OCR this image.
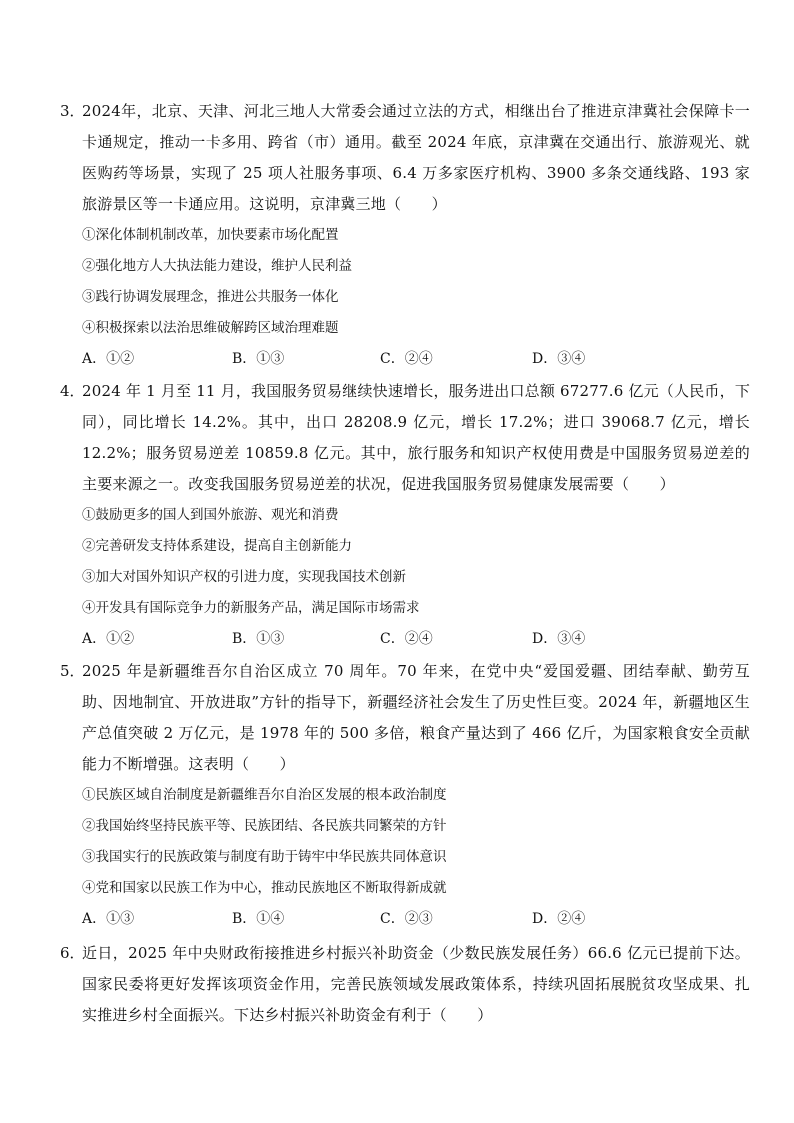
3．

2024年，北京、天津、河北三地人大常委会通过立法的方式，相继出台了推进京津冀社会保障卡一卡通规定，推动一卡多用、跨省（市）通用。截至 2024 年底，京津冀在交通出行、旅游观光、就医购药等场景，实现了 25 项人社服务事项、6.4 万多家医疗机构、3900 多条交通线路、193 家旅游景区等一卡通应用。这说明，京津冀三地（　　）

①深化体制机制改革，加快要素市场化配置
②强化地方人大执法能力建设，维护人民利益
③践行协调发展理念，推进公共服务一体化
④积极探索以法治思维破解跨区域治理难题
A．①②	B．①③	C．②④	D．③④
4．

2024 年 1 月至 11 月，我国服务贸易继续快速增长，服务进出口总额 67277.6 亿元（人民币，下同），同比增长 14.2%。其中，出口 28208.9 亿元，增长 17.2%；进口 39068.7 亿元，增长 12.2%；服务贸易逆差 10859.8 亿元。其中，旅行服务和知识产权使用费是中国服务贸易逆差的主要来源之一。改变我国服务贸易逆差的状况，促进我国服务贸易健康发展需要（　　）

①鼓励更多的国人到国外旅游、观光和消费
②完善研发支持体系建设，提高自主创新能力
③加大对国外知识产权的引进力度，实现我国技术创新
④开发具有国际竞争力的新服务产品，满足国际市场需求
A．①②	B．①③	C．②④	D．③④
5．

2025 年是新疆维吾尔自治区成立 70 周年。70 年来，在党中央“爱国爱疆、团结奉献、勤劳互助、因地制宜、开放进取”方针的指导下，新疆经济社会发生了历史性巨变。2024 年，新疆地区生产总值突破 2 万亿元，是 1978 年的 500 多倍，粮食产量达到了 466 亿斤，为国家粮食安全贡献能力不断增强。这表明（　　）

①民族区域自治制度是新疆维吾尔自治区发展的根本政治制度
②我国始终坚持民族平等、民族团结、各民族共同繁荣的方针
③我国实行的民族政策与制度有助于铸牢中华民族共同体意识
④党和国家以民族工作为中心，推动民族地区不断取得新成就
A．①③	B．①④	C．②③	D．②④
6．

近日，2025 年中央财政衔接推进乡村振兴补助资金（少数民族发展任务）66.6 亿元已提前下达。国家民委将更好发挥该项资金作用，完善民族领域发展政策体系，持续巩固拓展脱贫攻坚成果、扎实推进乡村全面振兴。下达乡村振兴补助资金有利于（　　）
